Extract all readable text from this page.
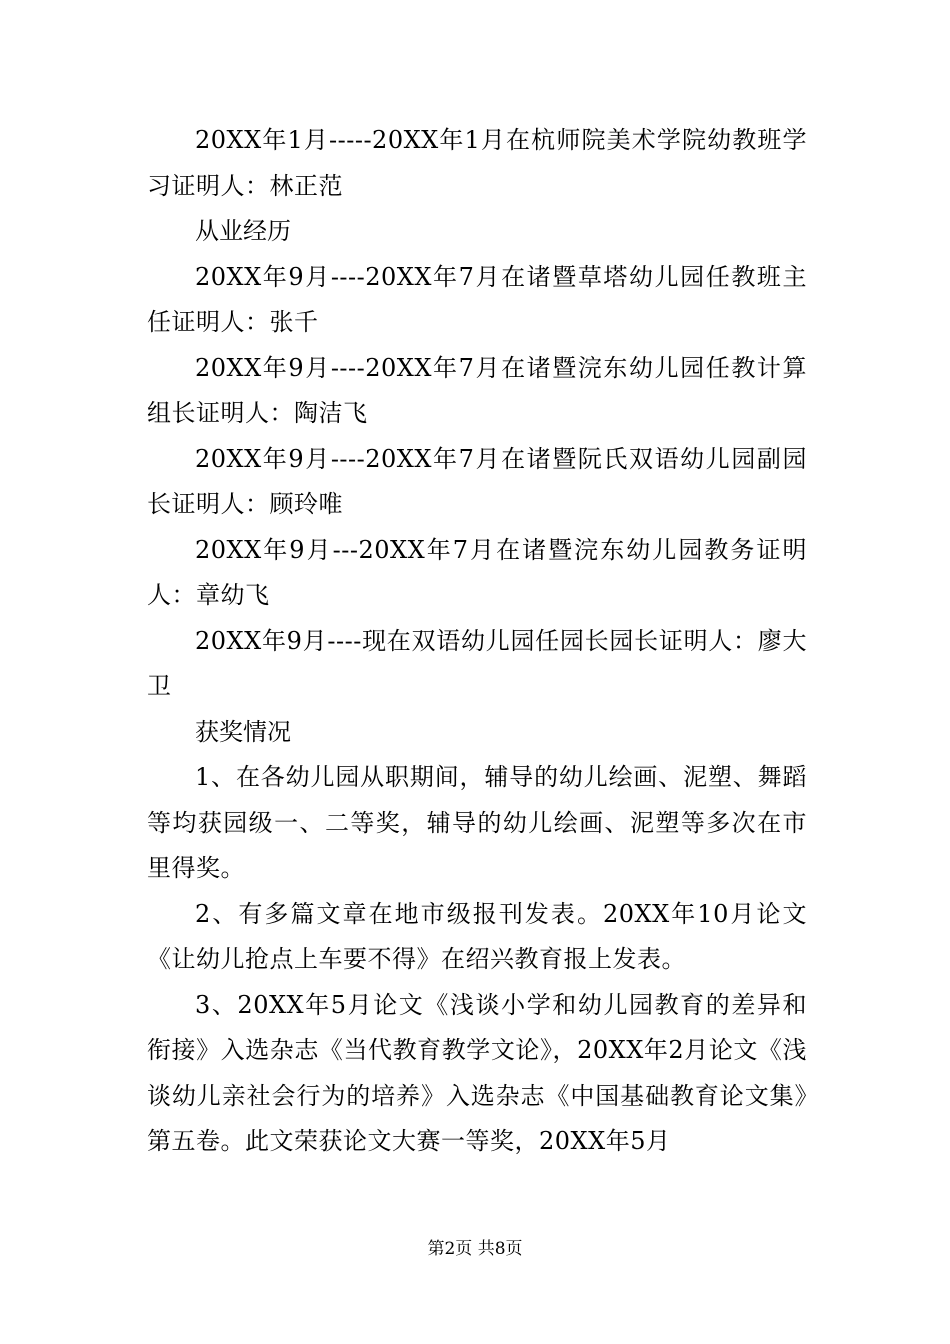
20XX年1月-----20XX年1月在杭师院美术学院幼教班学习证明人：林正范

从业经历

20XX年9月----20XX年7月在诸暨草塔幼儿园任教班主任证明人：张千

20XX年9月----20XX年7月在诸暨浣东幼儿园任教计算组长证明人：陶洁飞

20XX年9月----20XX年7月在诸暨阮氏双语幼儿园副园长证明人：顾玲唯

20XX年9月---20XX年7月在诸暨浣东幼儿园教务证明人：章幼飞

20XX年9月----现在双语幼儿园任园长园长证明人：廖大卫

获奖情况

1、在各幼儿园从职期间，辅导的幼儿绘画、泥塑、舞蹈等均获园级一、二等奖，辅导的幼儿绘画、泥塑等多次在市里得奖。

2、有多篇文章在地市级报刊发表。20XX年10月论文《让幼儿抢点上车要不得》在绍兴教育报上发表。

3、20XX年5月论文《浅谈小学和幼儿园教育的差异和衔接》入选杂志《当代教育教学文论》，20XX年2月论文《浅谈幼儿亲社会行为的培养》入选杂志《中国基础教育论文集》第五卷。此文荣获论文大赛一等奖，20XX年5月

第2页 共8页
